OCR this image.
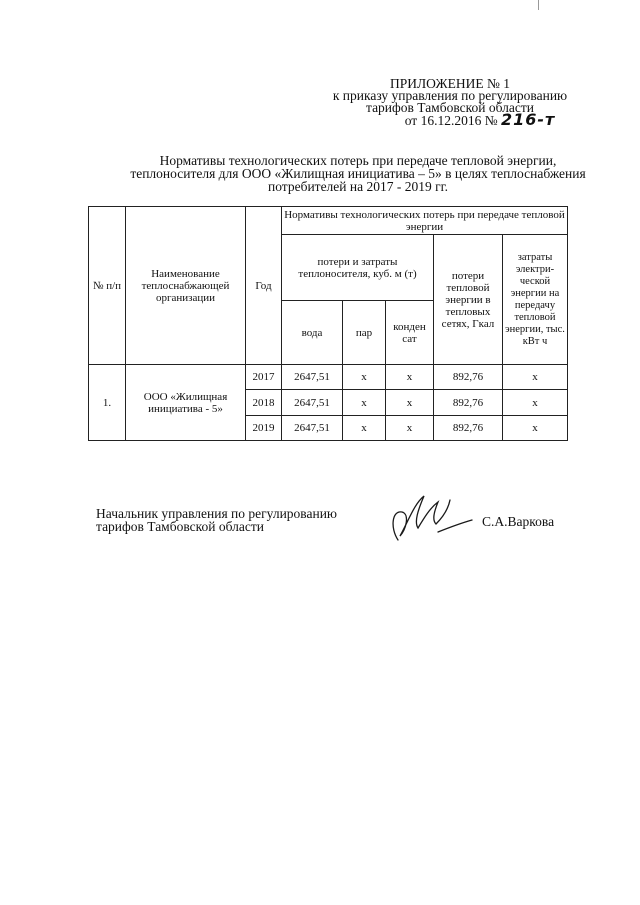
ПРИЛОЖЕНИЕ № 1
к приказу управления по регулированию
тарифов Тамбовской области
от 16.12.2016 № 216-т
Нормативы технологических потерь при передаче тепловой энергии,
теплоносителя для ООО «Жилищная инициатива – 5» в целях теплоснабжения
потребителей на 2017 - 2019 гг.
№ п/п	Наименование теплоснабжающей организации	Год	Нормативы технологических потерь при передаче тепловой энергии				
			потери и затраты теплоносителя, куб. м (т)			потери тепловой энергии в тепловых сетях, Гкал	затраты электри-ческой энергии на передачу тепловой энергии, тыс. кВт ч
			вода	пар	конден сат		
1.	ООО «Жилищная инициатива - 5»	2017	2647,51	х	х	892,76	х
		2018	2647,51	х	х	892,76	х
		2019	2647,51	х	х	892,76	х
Начальник управления по регулированию
тарифов Тамбовской области	С.А.Варкова
